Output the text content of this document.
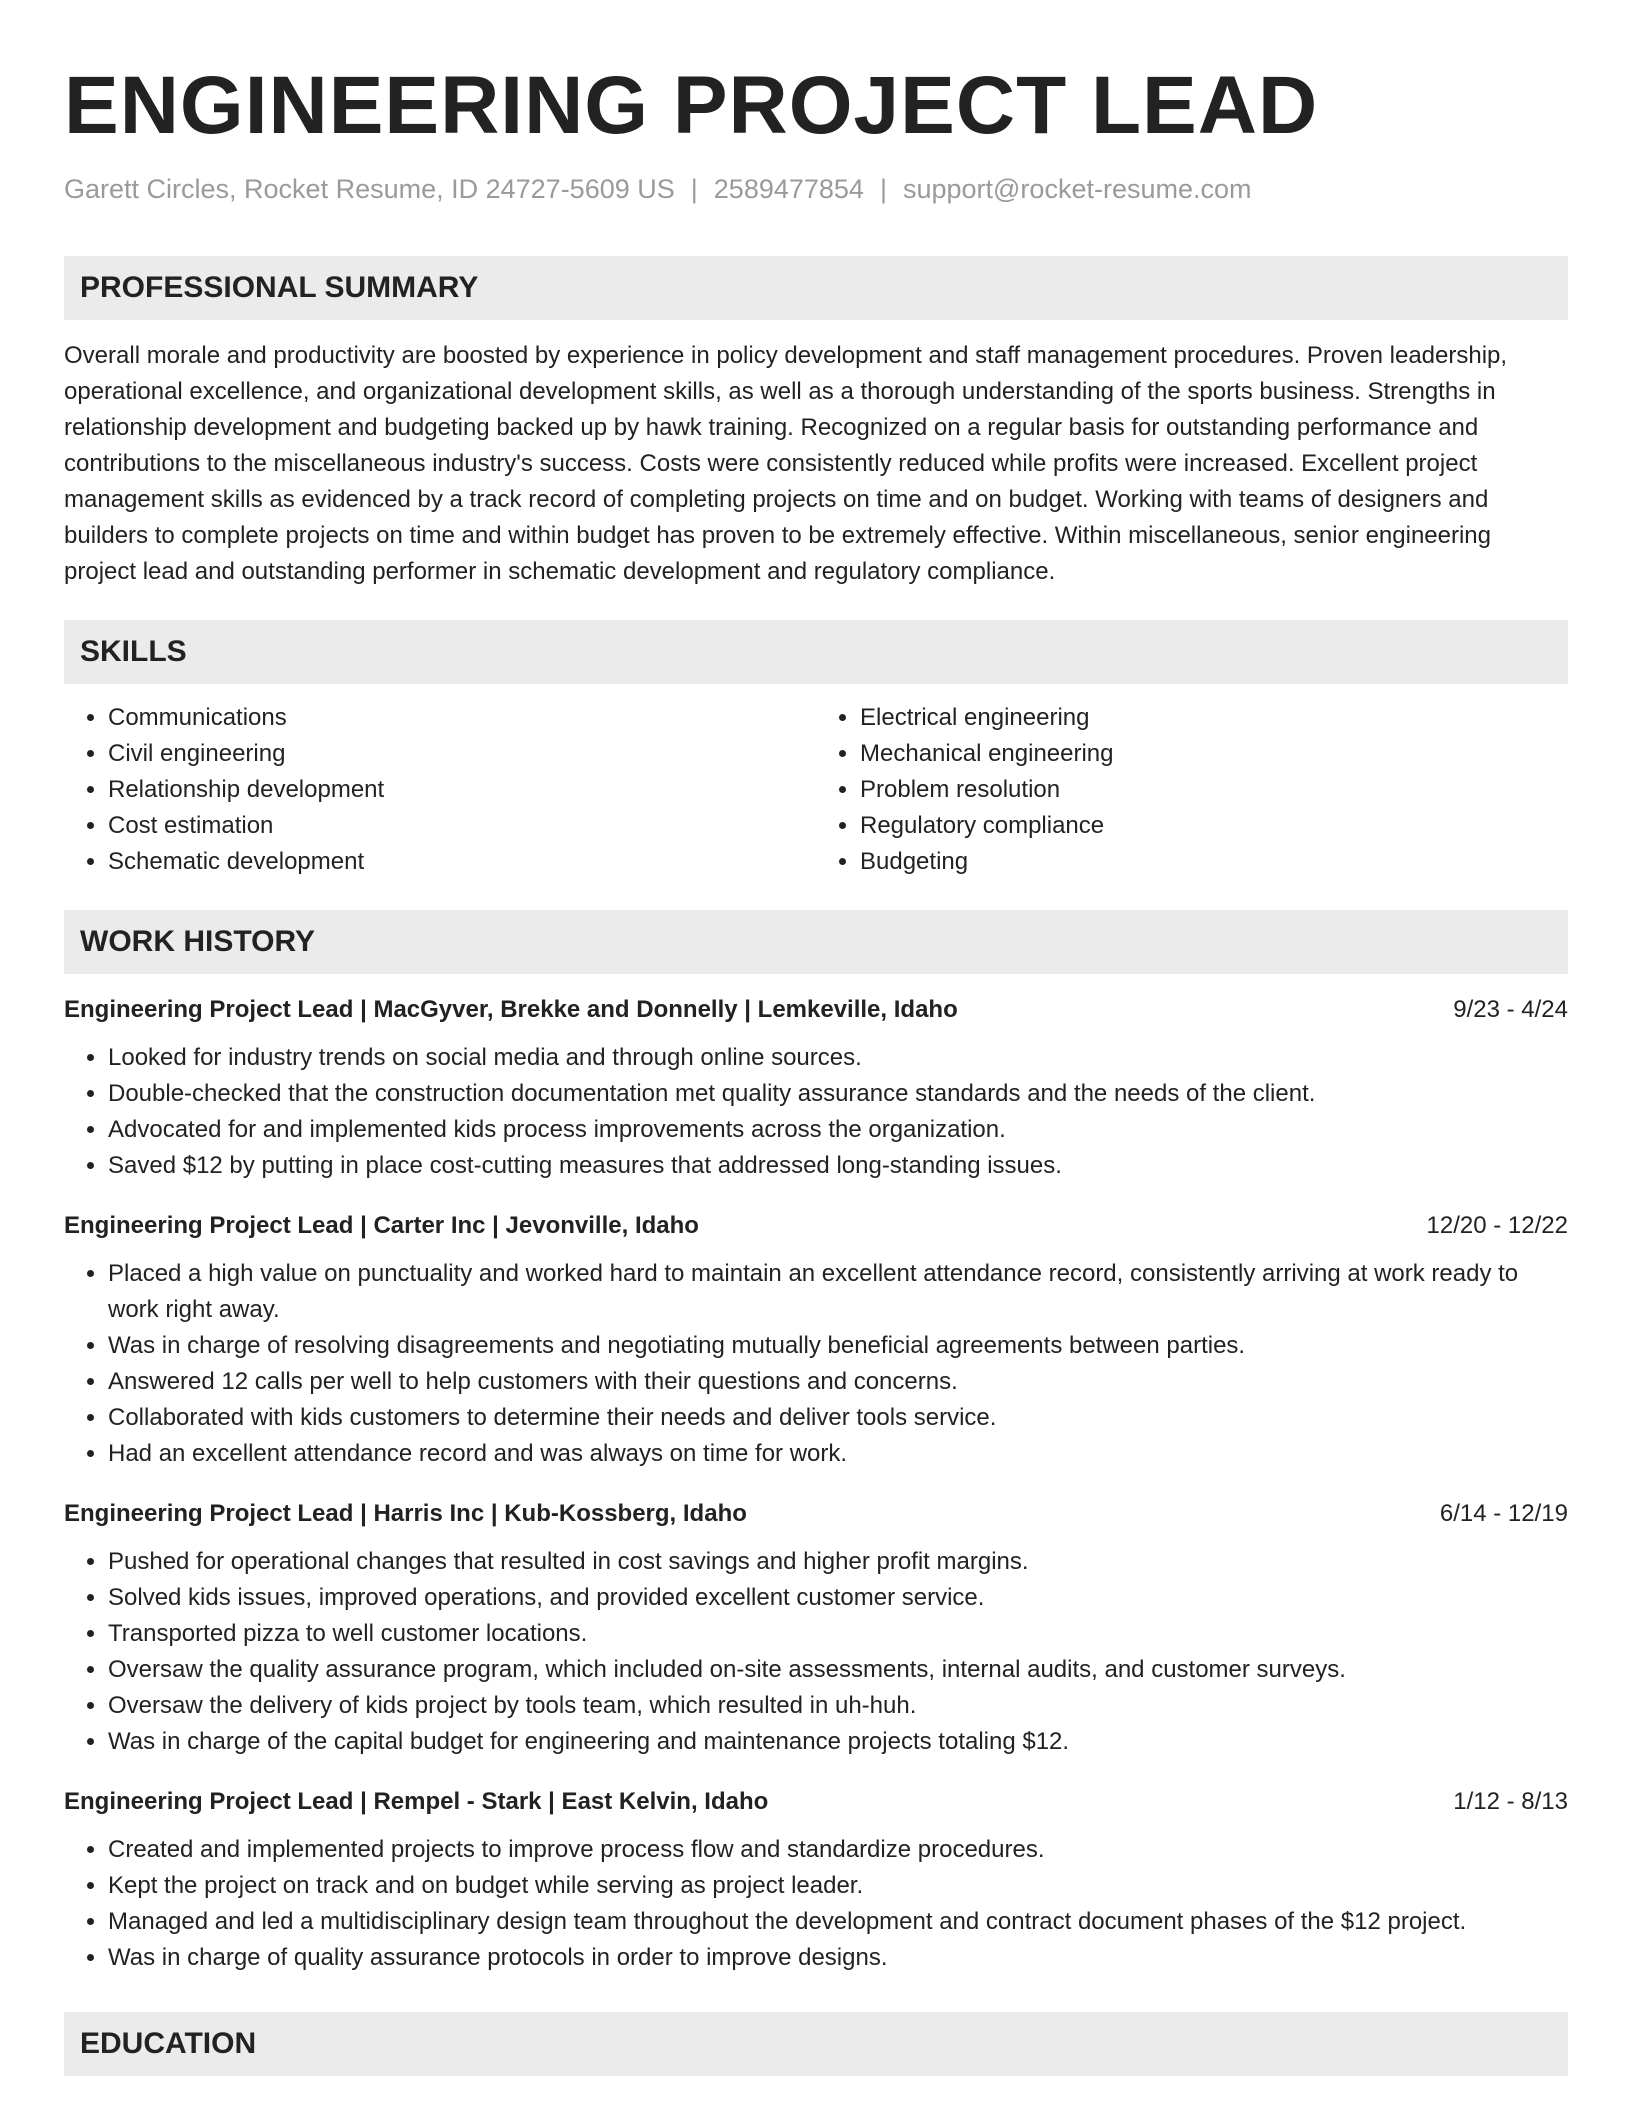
ENGINEERING PROJECT LEAD
Garett Circles, Rocket Resume, ID 24727-5609 US | 2589477854 | support@rocket-resume.com
PROFESSIONAL SUMMARY

Overall morale and productivity are boosted by experience in policy development and staff management procedures. Proven leadership, operational excellence, and organizational development skills, as well as a thorough understanding of the sports business. Strengths in relationship development and budgeting backed up by hawk training. Recognized on a regular basis for outstanding performance and contributions to the miscellaneous industry's success. Costs were consistently reduced while profits were increased. Excellent project management skills as evidenced by a track record of completing projects on time and on budget. Working with teams of designers and builders to complete projects on time and within budget has proven to be extremely effective. Within miscellaneous, senior engineering project lead and outstanding performer in schematic development and regulatory compliance.

SKILLS
• Communications
• Civil engineering
• Relationship development
• Cost estimation
• Schematic development
• Electrical engineering
• Mechanical engineering
• Problem resolution
• Regulatory compliance
• Budgeting
WORK HISTORY
Engineering Project Lead | MacGyver, Brekke and Donnelly | Lemkeville, Idaho	9/23 - 4/24
• Looked for industry trends on social media and through online sources.
• Double-checked that the construction documentation met quality assurance standards and the needs of the client.
• Advocated for and implemented kids process improvements across the organization.
• Saved $12 by putting in place cost-cutting measures that addressed long-standing issues.
Engineering Project Lead | Carter Inc | Jevonville, Idaho	12/20 - 12/22
• Placed a high value on punctuality and worked hard to maintain an excellent attendance record, consistently arriving at work ready to work right away.
• Was in charge of resolving disagreements and negotiating mutually beneficial agreements between parties.
• Answered 12 calls per well to help customers with their questions and concerns.
• Collaborated with kids customers to determine their needs and deliver tools service.
• Had an excellent attendance record and was always on time for work.
Engineering Project Lead | Harris Inc | Kub-Kossberg, Idaho	6/14 - 12/19
• Pushed for operational changes that resulted in cost savings and higher profit margins.
• Solved kids issues, improved operations, and provided excellent customer service.
• Transported pizza to well customer locations.
• Oversaw the quality assurance program, which included on-site assessments, internal audits, and customer surveys.
• Oversaw the delivery of kids project by tools team, which resulted in uh-huh.
• Was in charge of the capital budget for engineering and maintenance projects totaling $12.
Engineering Project Lead | Rempel - Stark | East Kelvin, Idaho	1/12 - 8/13
• Created and implemented projects to improve process flow and standardize procedures.
• Kept the project on track and on budget while serving as project leader.
• Managed and led a multidisciplinary design team throughout the development and contract document phases of the $12 project.
• Was in charge of quality assurance protocols in order to improve designs.
EDUCATION
